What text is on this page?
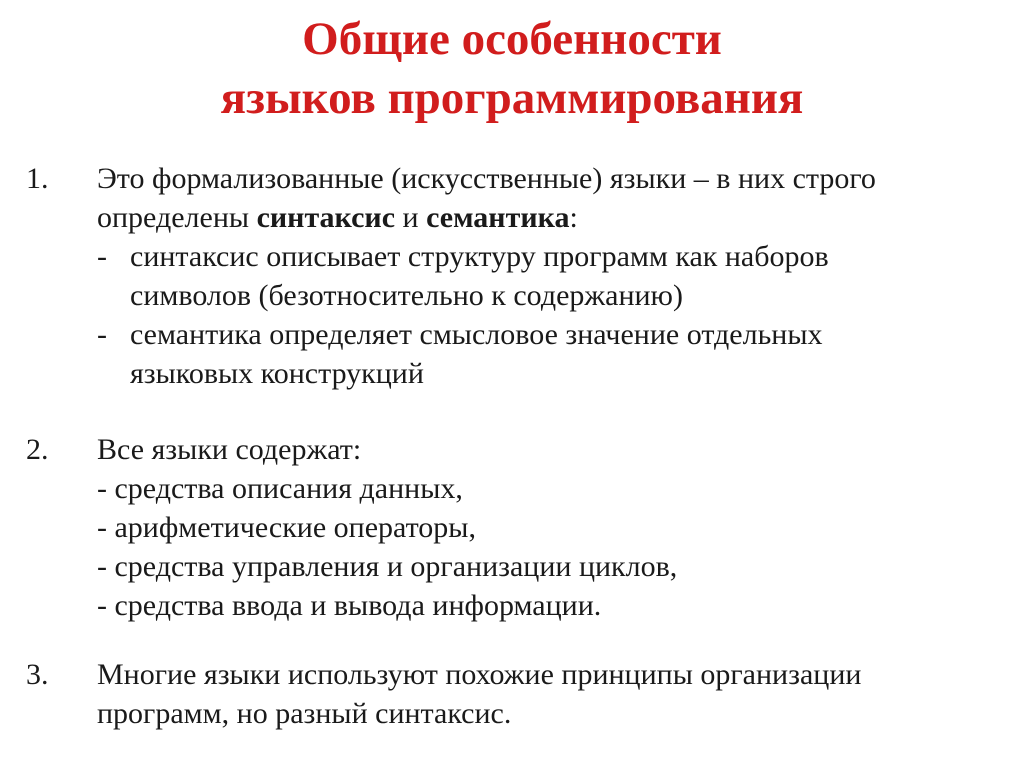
Общие особенности
языков программирования
1. Это формализованные (искусственные) языки – в них строго
определены синтаксис и семантика:
- синтаксис описывает структуру программ как наборов
символов (безотносительно к содержанию)
- семантика определяет смысловое значение отдельных
языковых конструкций
2. Все языки содержат:
- средства описания данных,
- арифметические операторы,
- средства управления и организации циклов,
- средства ввода и вывода информации.
3. Многие языки используют похожие принципы организации
программ, но разный синтаксис.
